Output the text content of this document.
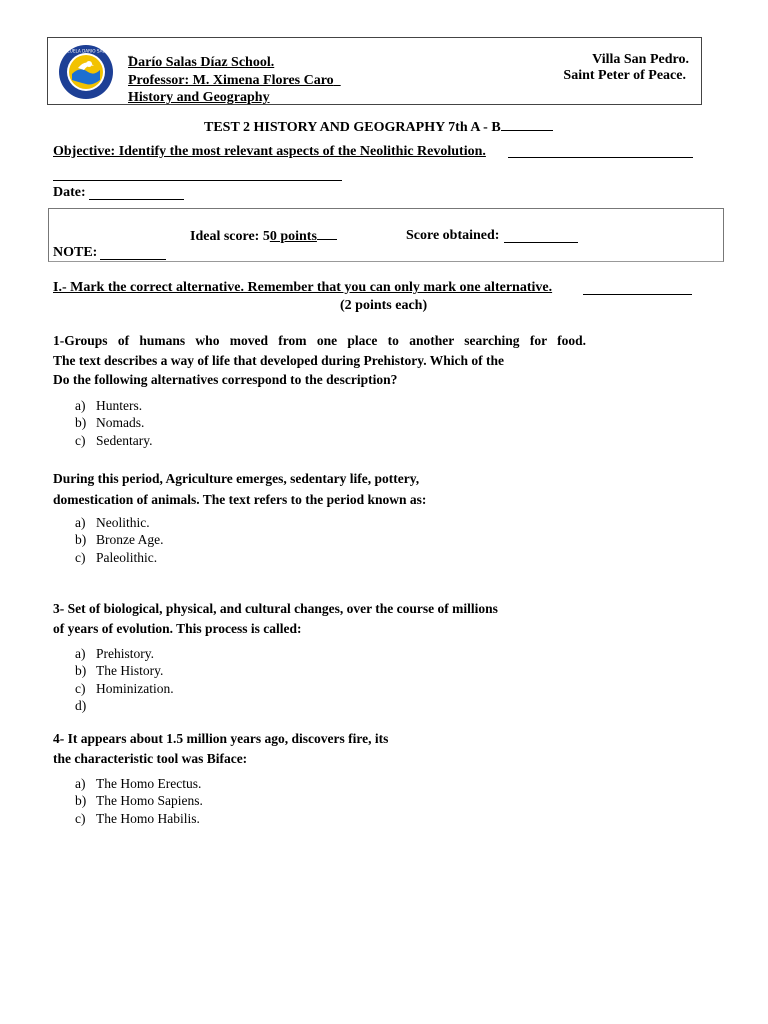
ESCUELA DARIO SALAS _
Darío Salas Díaz School.
Professor: M. Ximena Flores Caro
History and Geography
Villa San Pedro.
Saint Peter of Peace.
TEST 2 HISTORY AND GEOGRAPHY 7th A - B
Objective: Identify the most relevant aspects of the Neolithic Revolution.
Date:
Ideal score: 50 points	Score obtained:
NOTE:
I.- Mark the correct alternative. Remember that you can only mark one alternative.
(2 points each)
1-Groups of humans who moved from one place to another searching for food.
The text describes a way of life that developed during Prehistory. Which of the
Do the following alternatives correspond to the description?
a) Hunters.
b) Nomads.
c) Sedentary.
During this period, Agriculture emerges, sedentary life, pottery,
domestication of animals. The text refers to the period known as:
a) Neolithic.
b) Bronze Age.
c) Paleolithic.
3- Set of biological, physical, and cultural changes, over the course of millions
of years of evolution. This process is called:
a) Prehistory.
b) The History.
c) Hominization.
d)
4- It appears about 1.5 million years ago, discovers fire, its
the characteristic tool was Biface:
a) The Homo Erectus.
b) The Homo Sapiens.
c) The Homo Habilis.
